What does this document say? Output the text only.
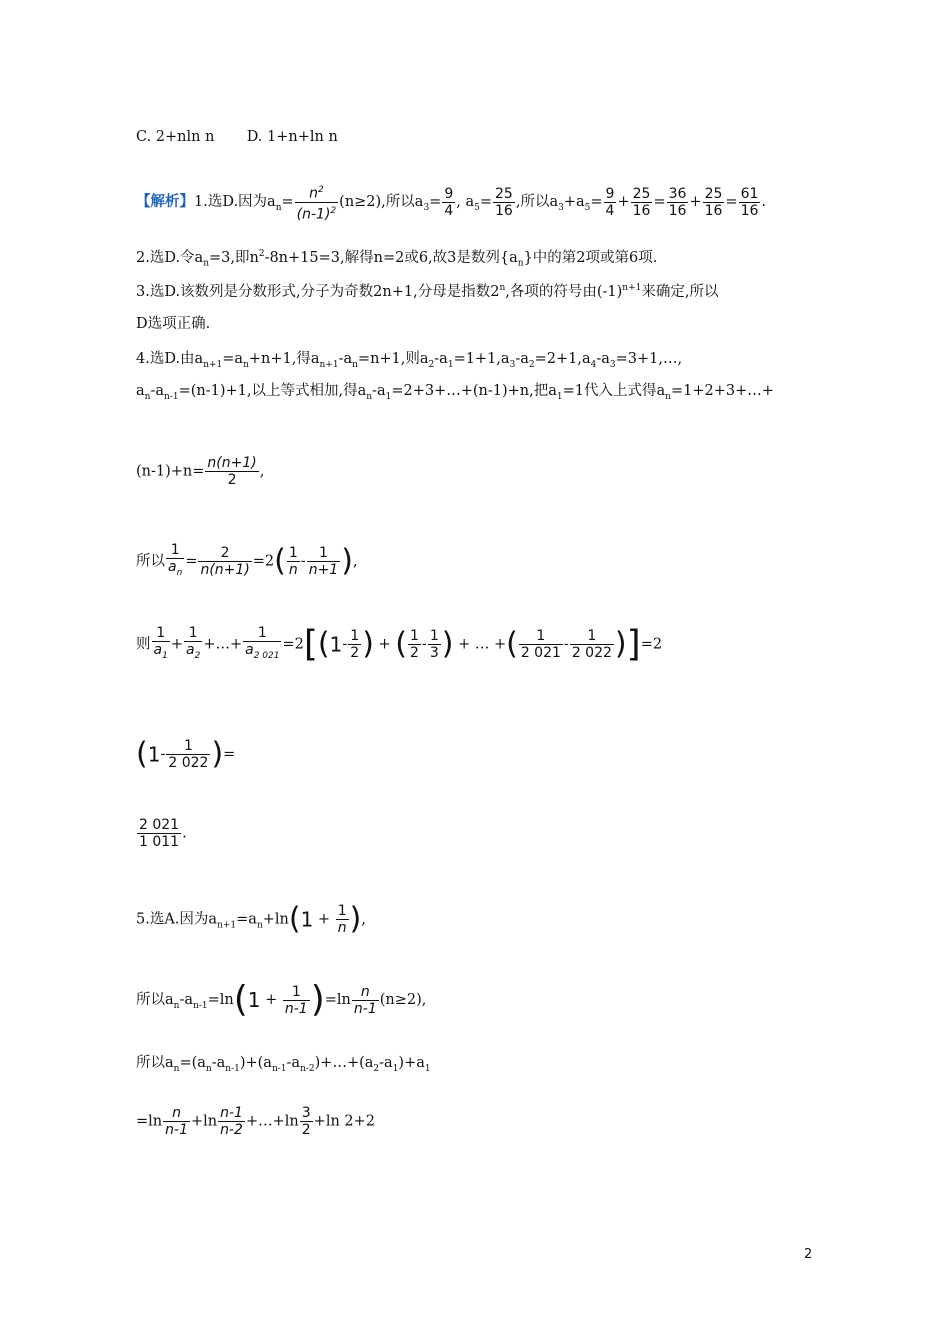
C. 2+nln n D. 1+n+ln n
【解析】1.选D.因为$a_n= \frac{n^2}{(n-1)^2} (n\ge 2)$,所以$a_3= \frac{9}{4}$ , $a_5= \frac{25}{16}$ ,所以$a_3+a_5= \frac{9}{4} + \frac{25}{16} = \frac{36}{16} + \frac{25}{16} = \frac{61}{16}$ .
2.选D.令$a_n=3$,即$n^2-8n+15=3$,解得n=2或6,故3是数列$\{a_n\}$中的第2项或第6项.
3.选D.该数列是分数形式,分子为奇数2n+1,分母是指数2$^n$,各项的符号由$(-1)^{n+1}$来确定,所以
D选项正确.
4.选D.由$a_{n+1}=a_n+n+1$,得$a_{n+1}-a_n=n+1$,则$a_2-a_1=1+1,a_3-a_2=2+1,a_4-a_3=3+1,\dots$,
$a_n-a_{n-1}=(n-1)+1$,以上等式相加,得$a_n-a_1=2+3+\dots+(n-1)+n$,把$a_1=1$代入上式得$a_n=1+2+3+\dots+$
$(n-1)+n= \frac{n(n+1)}{2}$ ,
所以 $\frac{1}{a_n} = \frac{2}{n(n+1)} =2( \frac{1}{n} - \frac{1}{n+1}$ ),
则 $\frac{1}{a_1} + \frac{1}{a_2}$ +…+ $\frac{1}{a_{2 021}} =2[(1- \frac{1}{2}$ ) + ( $\frac{1}{2} - \frac{1}{3}$ ) + … +( $\frac{1}{2 021} - \frac{1}{2 022} )]=2$
($1- \frac{1}{2 022}$ )=
$\frac{2 021}{1 011}$ .
5.选A.因为$a_{n+1}=a_n+\ln(1 + \frac{1}{n}$ ),
所以$a_n-a_{n-1}=\ln(1 + \frac{1}{n-1} )=\ln \frac{n}{n-1} (n\ge 2)$,
所以$a_n=(a_n-a_{n-1})+(a_{n-1}-a_{n-2})+\dots+(a_2-a_1)+a_1$
$=\ln \frac{n}{n-1} +\ln \frac{n-1}{n-2}$ +…+ln $\frac{3}{2} +\ln$ 2+2
2
